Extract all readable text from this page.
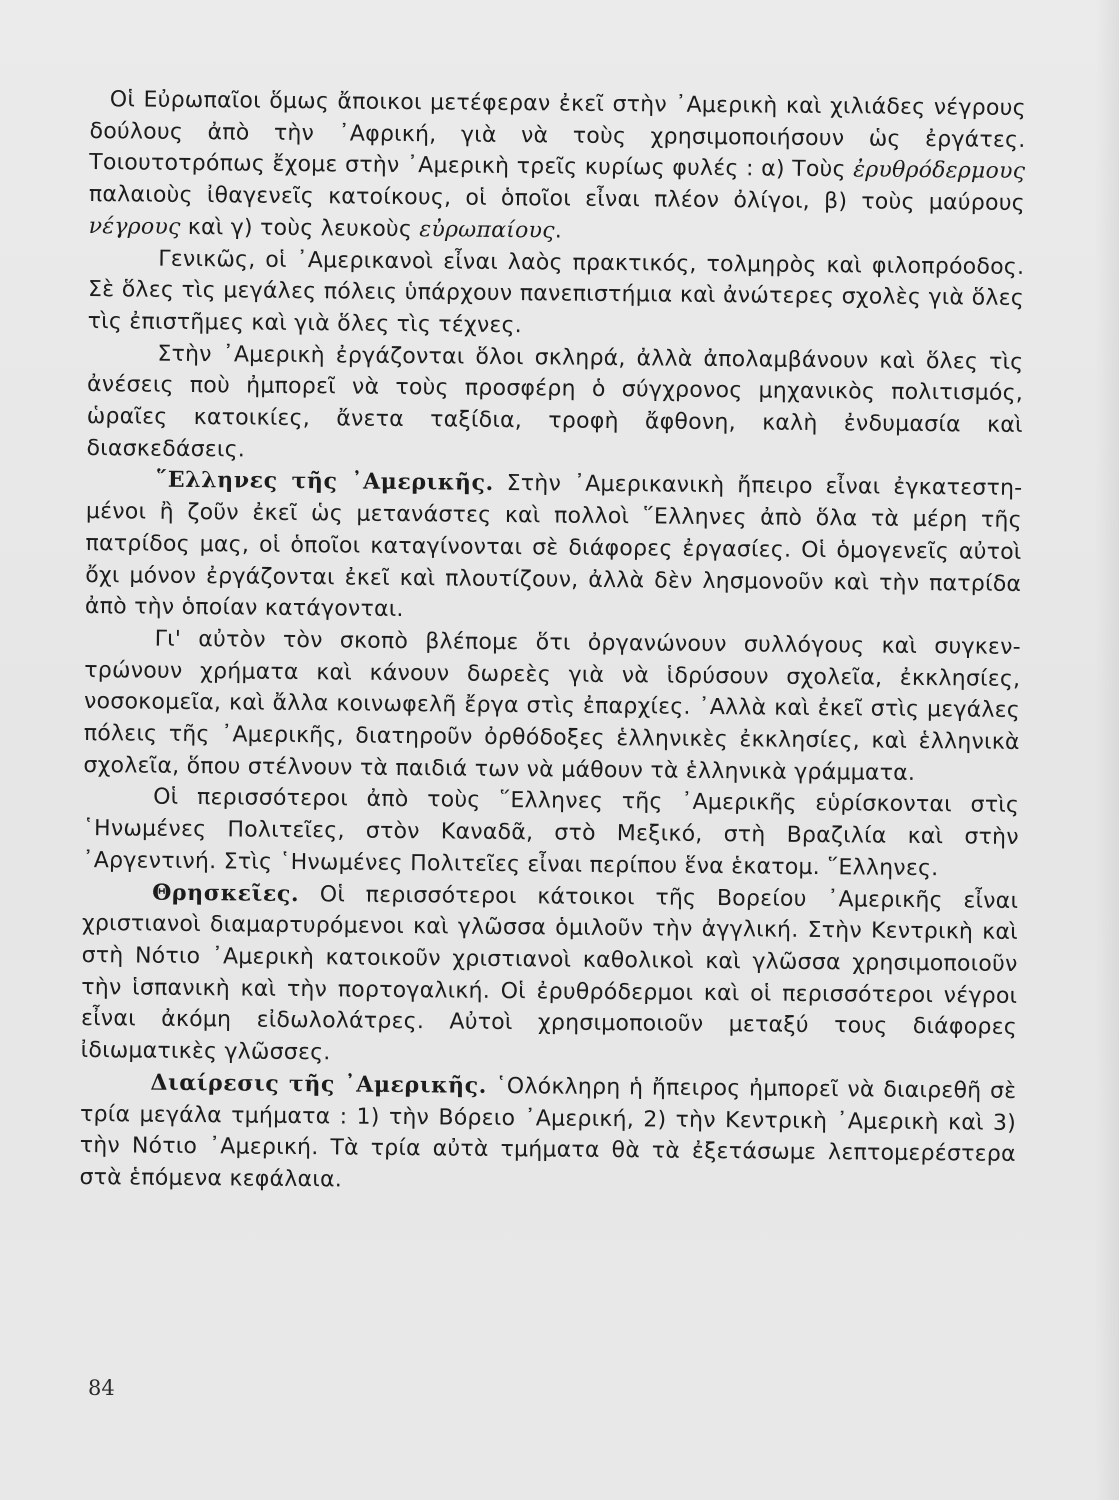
Οἱ Εὐρωπαῖοι ὅμως ἄποικοι μετέφεραν ἐκεῖ στὴν ᾿Αμερικὴ καὶ χιλιάδες νέγρους δούλους ἀπὸ τὴν ᾿Αφρική, γιὰ νὰ τοὺς χρησιμοποιήσουν ὡς ἐργάτες. Τοιουτοτρόπως ἔχομε στὴν ᾿Αμερικὴ τρεῖς κυρίως φυλές : α) Τοὺς ἐρυθρόδερμους παλαιοὺς ἰθαγενεῖς κατοίκους, οἱ ὁποῖοι εἶναι πλέον ὀλίγοι, β) τοὺς μαύρους νέγρους καὶ γ) τοὺς λευκοὺς εὐρωπαίους.

Γενικῶς, οἱ ᾿Αμερικανοὶ εἶναι λαὸς πρακτικός, τολμηρὸς καὶ φιλοπρόοδος. Σὲ ὅλες τὶς μεγάλες πόλεις ὑπάρχουν πανεπιστήμια καὶ ἀνώτερες σχολὲς γιὰ ὅλες τὶς ἐπιστῆμες καὶ γιὰ ὅλες τὶς τέχνες.

Στὴν ᾿Αμερικὴ ἐργάζονται ὅλοι σκληρά, ἀλλὰ ἀπολαμβάνουν καὶ ὅλες τὶς ἀνέσεις ποὺ ἠμπορεῖ νὰ τοὺς προσφέρη ὁ σύγχρονος μηχανικὸς πολιτισμός, ὡραῖες κατοικίες, ἄνετα ταξίδια, τροφὴ ἄφθονη, καλὴ ἐνδυμασία καὶ διασκεδάσεις.

῞Ελληνες τῆς ᾿Αμερικῆς. Στὴν ᾿Αμερικανικὴ ἤπειρο εἶναι ἐγκατεστημένοι ἢ ζοῦν ἐκεῖ ὡς μετανάστες καὶ πολλοὶ ῞Ελληνες ἀπὸ ὅλα τὰ μέρη τῆς πατρίδος μας, οἱ ὁποῖοι καταγίνονται σὲ διάφορες ἐργασίες. Οἱ ὁμογενεῖς αὐτοὶ ὄχι μόνον ἐργάζονται ἐκεῖ καὶ πλουτίζουν, ἀλλὰ δὲν λησμονοῦν καὶ τὴν πατρίδα ἀπὸ τὴν ὁποίαν κατάγονται.

Γι' αὐτὸν τὸν σκοπὸ βλέπομε ὅτι ὀργανώνουν συλλόγους καὶ συγκεντρώνουν χρήματα καὶ κάνουν δωρεὲς γιὰ νὰ ἱδρύσουν σχολεῖα, ἐκκλησίες, νοσοκομεῖα, καὶ ἄλλα κοινωφελῆ ἔργα στὶς ἐπαρχίες. ᾿Αλλὰ καὶ ἐκεῖ στὶς μεγάλες πόλεις τῆς ᾿Αμερικῆς, διατηροῦν ὀρθόδοξες ἑλληνικὲς ἐκκλησίες, καὶ ἑλληνικὰ σχολεῖα, ὅπου στέλνουν τὰ παιδιά των νὰ μάθουν τὰ ἑλληνικὰ γράμματα.

Οἱ περισσότεροι ἀπὸ τοὺς ῞Ελληνες τῆς ᾿Αμερικῆς εὑρίσκονται στὶς ῾Ηνωμένες Πολιτεῖες, στὸν Καναδᾶ, στὸ Μεξικό, στὴ Βραζιλία καὶ στὴν ᾿Αργεντινή. Στὶς ῾Ηνωμένες Πολιτεῖες εἶναι περίπου ἕνα ἑκατομ. ῞Ελληνες.

Θρησκεῖες. Οἱ περισσότεροι κάτοικοι τῆς Βορείου ᾿Αμερικῆς εἶναι χριστιανοὶ διαμαρτυρόμενοι καὶ γλῶσσα ὁμιλοῦν τὴν ἀγγλική. Στὴν Κεντρικὴ καὶ στὴ Νότιο ᾿Αμερικὴ κατοικοῦν χριστιανοὶ καθολικοὶ καὶ γλῶσσα χρησιμοποιοῦν τὴν ἱσπανικὴ καὶ τὴν πορτογαλική. Οἱ ἐρυθρόδερμοι καὶ οἱ περισσότεροι νέγροι εἶναι ἀκόμη εἰδωλολάτρες. Αὐτοὶ χρησιμοποιοῦν μεταξύ τους διάφορες ἰδιωματικὲς γλῶσσες.

Διαίρεσις τῆς ᾿Αμερικῆς. ῾Ολόκληρη ἡ ἤπειρος ἠμπορεῖ νὰ διαιρεθῆ σὲ τρία μεγάλα τμήματα : 1) τὴν Βόρειο ᾿Αμερική, 2) τὴν Κεντρικὴ ᾿Αμερικὴ καὶ 3) τὴν Νότιο ᾿Αμερική. Τὰ τρία αὐτὰ τμήματα θὰ τὰ ἐξετάσωμε λεπτομερέστερα στὰ ἑπόμενα κεφάλαια.

84
